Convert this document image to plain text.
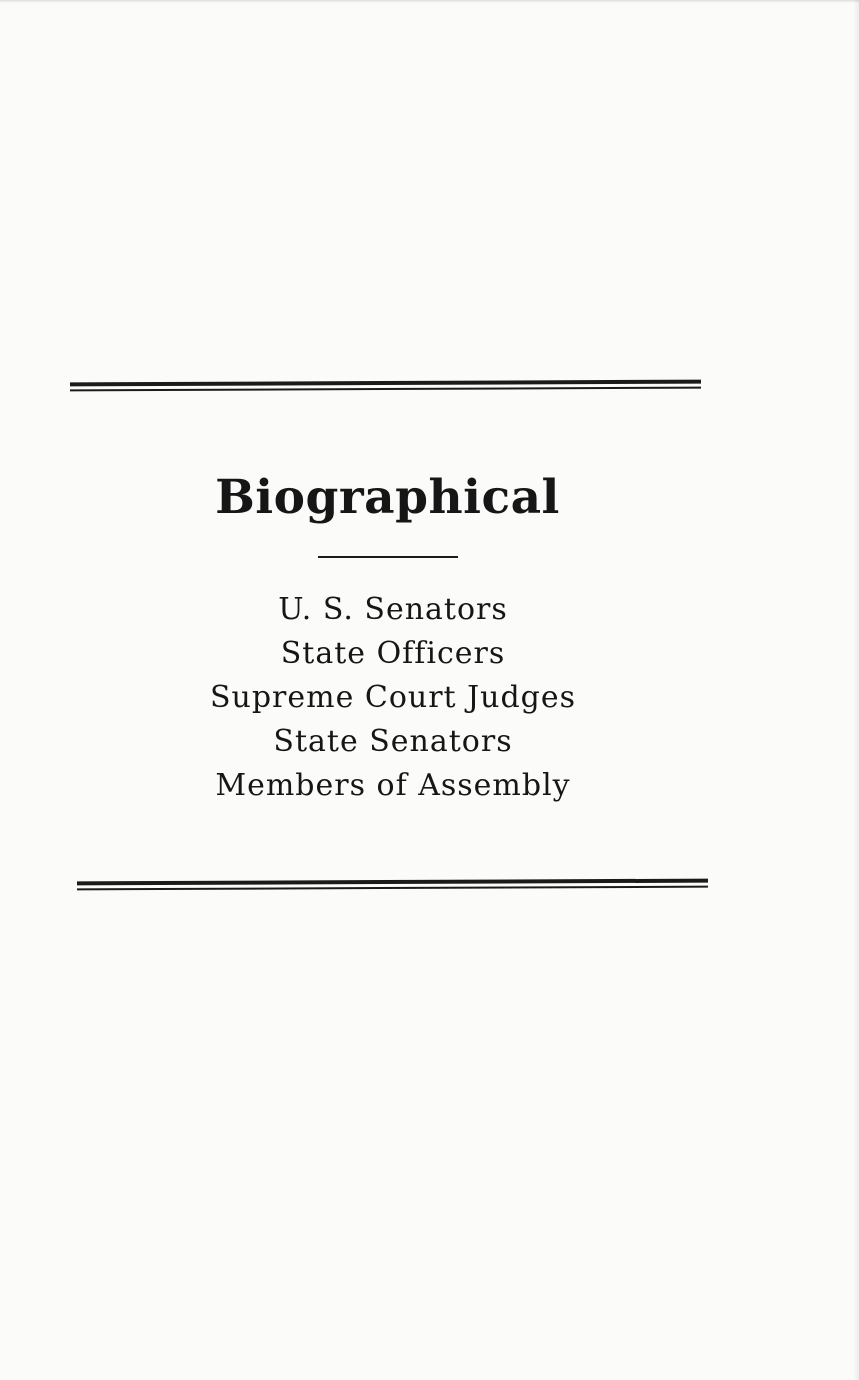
Biographical
U. S. Senators
State Officers
Supreme Court Judges
State Senators
Members of Assembly
